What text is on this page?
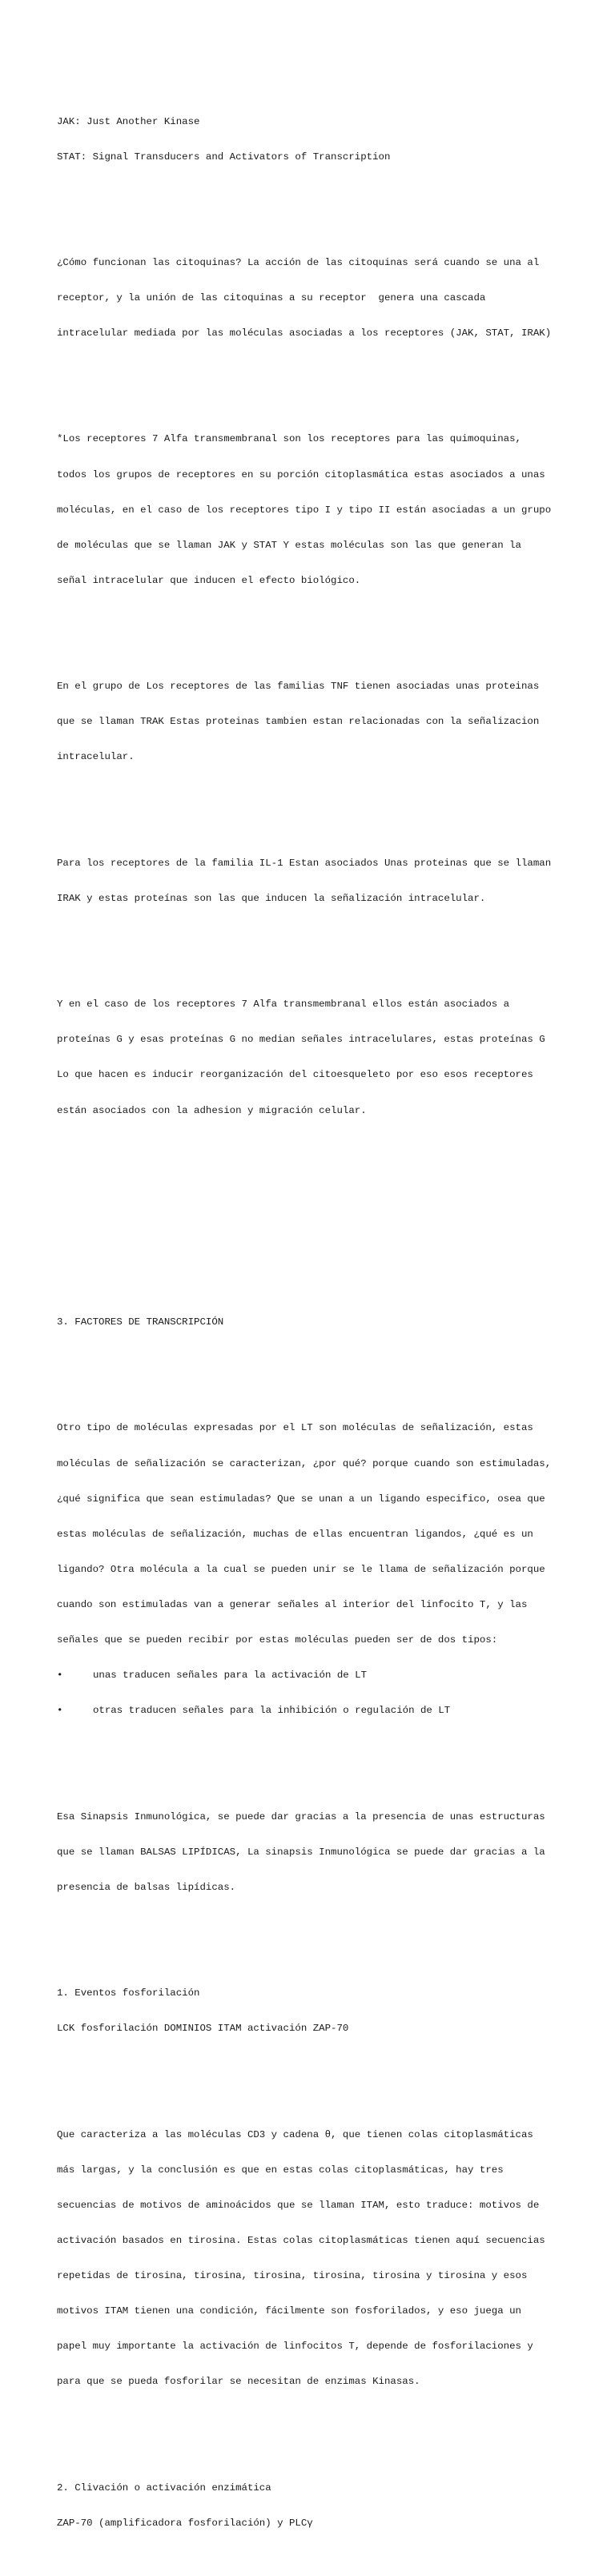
JAK: Just Another Kinase

STAT: Signal Transducers and Activators of Transcription

¿Cómo funcionan las citoquinas? La acción de las citoquinas será cuando se una al

receptor, y la unión de las citoquinas a su receptor  genera una cascada

intracelular mediada por las moléculas asociadas a los receptores (JAK, STAT, IRAK)

*Los receptores 7 Alfa transmembranal son los receptores para las quimoquinas,

todos los grupos de receptores en su porción citoplasmática estas asociados a unas

moléculas, en el caso de los receptores tipo I y tipo II están asociadas a un grupo

de moléculas que se llaman JAK y STAT Y estas moléculas son las que generan la

señal intracelular que inducen el efecto biológico.

En el grupo de Los receptores de las familias TNF tienen asociadas unas proteinas

que se llaman TRAK Estas proteinas tambien estan relacionadas con la señalizacion

intracelular.

Para los receptores de la familia IL-1 Estan asociados Unas proteinas que se llaman

IRAK y estas proteínas son las que inducen la señalización intracelular.

Y en el caso de los receptores 7 Alfa transmembranal ellos están asociados a

proteínas G y esas proteínas G no median señales intracelulares, estas proteínas G

Lo que hacen es inducir reorganización del citoesqueleto por eso esos receptores

están asociados con la adhesion y migración celular.

3. FACTORES DE TRANSCRIPCIÓN

Otro tipo de moléculas expresadas por el LT son moléculas de señalización, estas

moléculas de señalización se caracterizan, ¿por qué? porque cuando son estimuladas,

¿qué significa que sean estimuladas? Que se unan a un ligando especifico, osea que

estas moléculas de señalización, muchas de ellas encuentran ligandos, ¿qué es un

ligando? Otra molécula a la cual se pueden unir se le llama de señalización porque

cuando son estimuladas van a generar señales al interior del linfocito T, y las

señales que se pueden recibir por estas moléculas pueden ser de dos tipos:

•	unas traducen señales para la activación de LT

•	otras traducen señales para la inhibición o regulación de LT

Esa Sinapsis Inmunológica, se puede dar gracias a la presencia de unas estructuras

que se llaman BALSAS LIPÍDICAS, La sinapsis Inmunológica se puede dar gracias a la

presencia de balsas lipídicas.

1. Eventos fosforilación

LCK fosforilación DOMINIOS ITAM activación ZAP-70

Que caracteriza a las moléculas CD3 y cadena θ, que tienen colas citoplasmáticas

más largas, y la conclusión es que en estas colas citoplasmáticas, hay tres

secuencias de motivos de aminoácidos que se llaman ITAM, esto traduce: motivos de

activación basados en tirosina. Estas colas citoplasmáticas tienen aquí secuencias

repetidas de tirosina, tirosina, tirosina, tirosina, tirosina y tirosina y esos

motivos ITAM tienen una condición, fácilmente son fosforilados, y eso juega un

papel muy importante la activación de linfocitos T, depende de fosforilaciones y

para que se pueda fosforilar se necesitan de enzimas Kinasas.

2. Clivación o activación enzimática

ZAP-70 (amplificadora fosforilación) y PLCγ
